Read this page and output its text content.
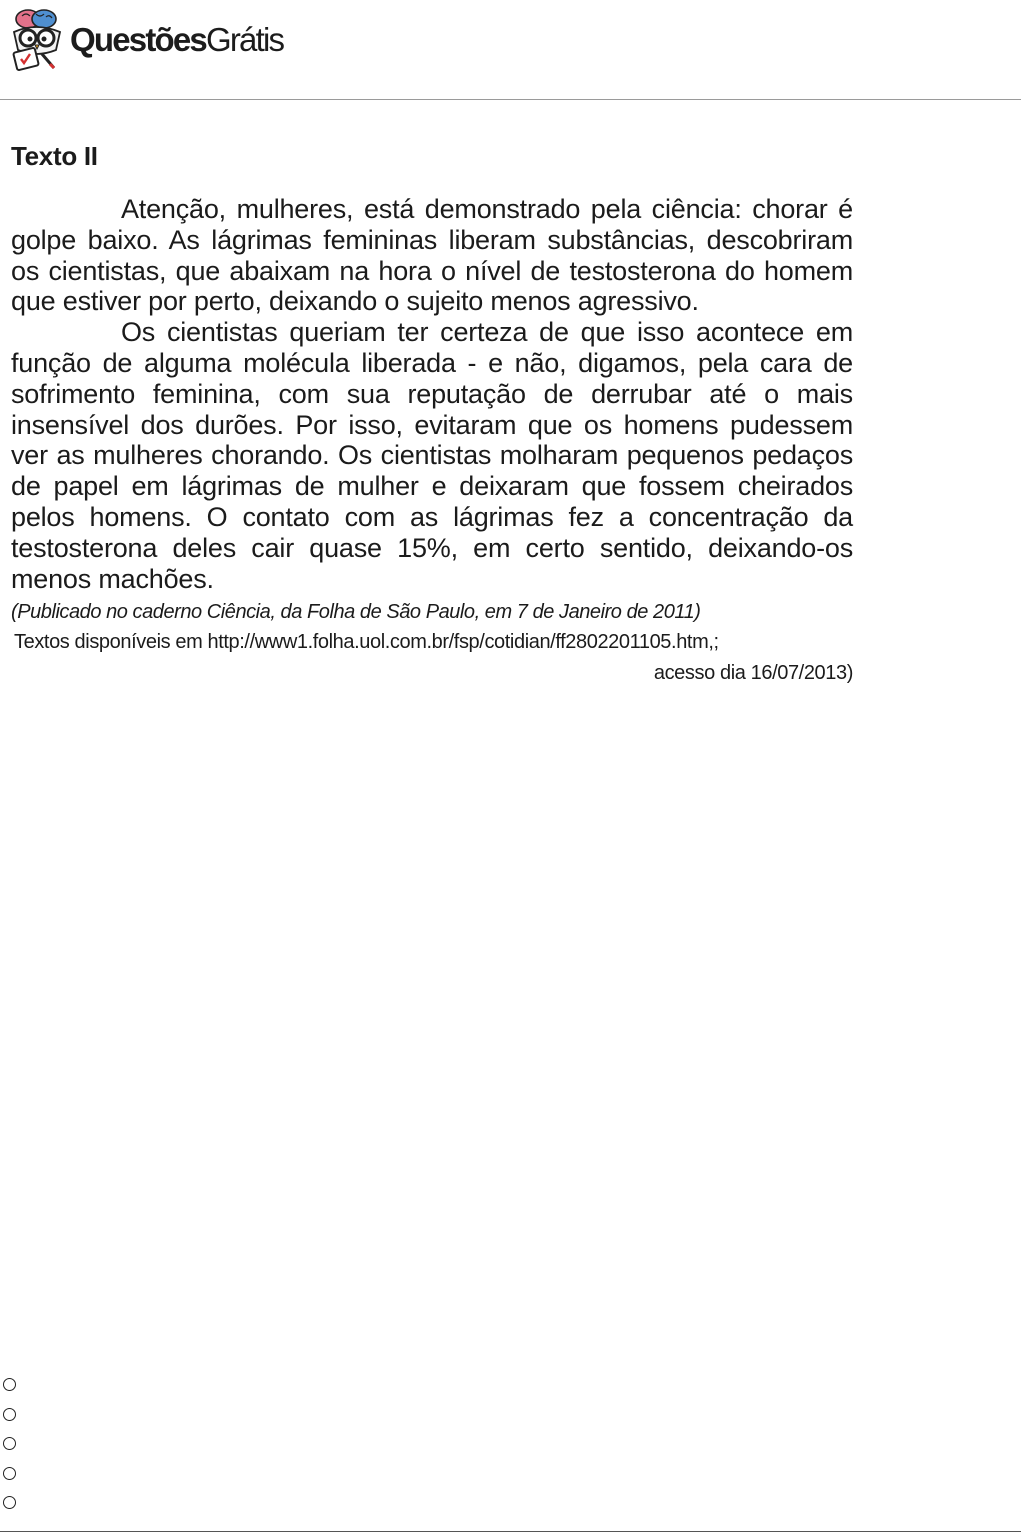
QuestõesGrátis
Texto II

Atenção, mulheres, está demonstrado pela ciência: chorar é golpe baixo. As lágrimas femininas liberam substâncias, descobriram os cientistas, que abaixam na hora o nível de testosterona do homem que estiver por perto, deixando o sujeito menos agressivo.

Os cientistas queriam ter certeza de que isso acontece em função de alguma molécula liberada - e não, digamos, pela cara de sofrimento feminina, com sua reputação de derrubar até o mais insensível dos durões. Por isso, evitaram que os homens pudessem ver as mulheres chorando. Os cientistas molharam pequenos pedaços de papel em lágrimas de mulher e deixaram que fossem cheirados pelos homens. O contato com as lágrimas fez a concentração da testosterona deles cair quase 15%, em certo sentido, deixando-os menos machões.

(Publicado no caderno Ciência, da Folha de São Paulo, em 7 de Janeiro de 2011)
Textos disponíveis em http://www1.folha.uol.com.br/fsp/cotidian/ff2802201105.htm,;
acesso dia 16/07/2013)
